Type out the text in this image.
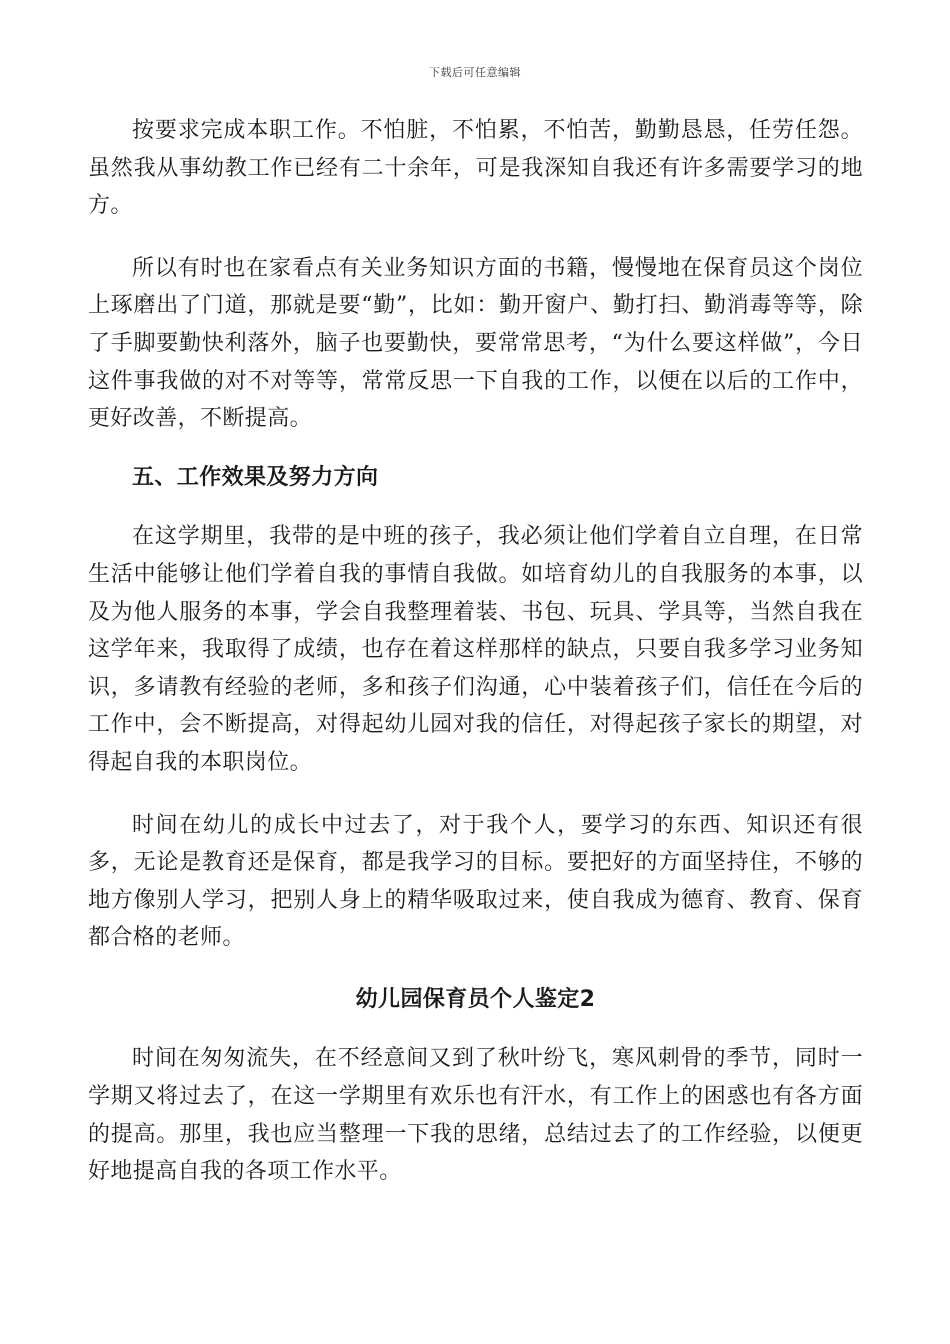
下载后可任意编辑

按要求完成本职工作。不怕脏，不怕累，不怕苦，勤勤恳恳，任劳任怨。虽然我从事幼教工作已经有二十余年，可是我深知自我还有许多需要学习的地方。

所以有时也在家看点有关业务知识方面的书籍，慢慢地在保育员这个岗位上琢磨出了门道，那就是要“勤”，比如：勤开窗户、勤打扫、勤消毒等等，除了手脚要勤快利落外，脑子也要勤快，要常常思考，“为什么要这样做”，今日这件事我做的对不对等等，常常反思一下自我的工作，以便在以后的工作中，更好改善，不断提高。

五、工作效果及努力方向

在这学期里，我带的是中班的孩子，我必须让他们学着自立自理，在日常生活中能够让他们学着自我的事情自我做。如培育幼儿的自我服务的本事，以及为他人服务的本事，学会自我整理着装、书包、玩具、学具等，当然自我在这学年来，我取得了成绩，也存在着这样那样的缺点，只要自我多学习业务知识，多请教有经验的老师，多和孩子们沟通，心中装着孩子们，信任在今后的工作中，会不断提高，对得起幼儿园对我的信任，对得起孩子家长的期望，对得起自我的本职岗位。

时间在幼儿的成长中过去了，对于我个人，要学习的东西、知识还有很多，无论是教育还是保育，都是我学习的目标。要把好的方面坚持住，不够的地方像别人学习，把别人身上的精华吸取过来，使自我成为德育、教育、保育都合格的老师。

幼儿园保育员个人鉴定2

时间在匆匆流失，在不经意间又到了秋叶纷飞，寒风刺骨的季节，同时一学期又将过去了，在这一学期里有欢乐也有汗水，有工作上的困惑也有各方面的提高。那里，我也应当整理一下我的思绪，总结过去了的工作经验，以便更好地提高自我的各项工作水平。
